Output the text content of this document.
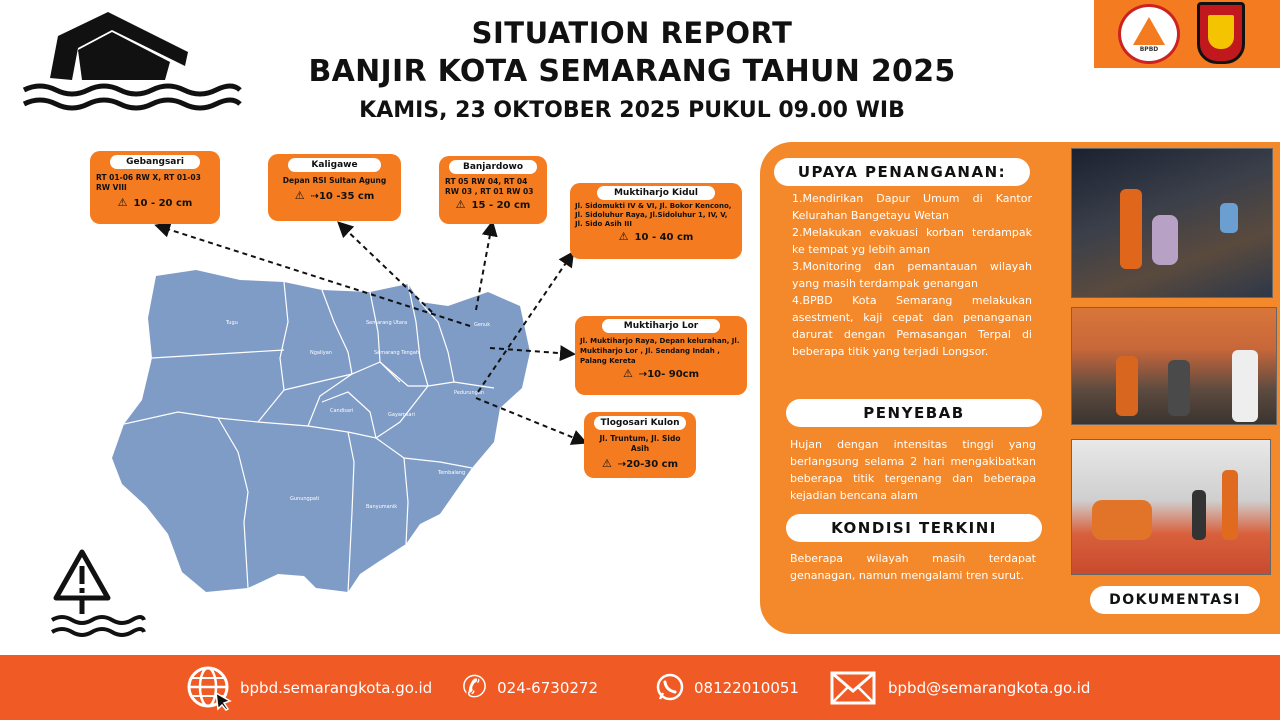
SITUATION REPORT
BANJIR KOTA SEMARANG TAHUN 2025
KAMIS, 23 OKTOBER 2025 PUKUL 09.00 WIB
BPBD
Tugu	Semarang Utara	Genuk
Ngaliyan	Semarang Tengah
Pedurungan
Candisari
Gayamsari
Tembalang
Gunungpati
Banyumanik
Gebangsari
RT 01-06 RW X, RT 01-03 RW VIII
⚠ 10 - 20 cm
Kaligawe
Depan RSI Sultan Agung
⚠ ⇢10 -35 cm
Banjardowo
RT 05 RW 04, RT 04 RW 03 , RT 01 RW 03
⚠ 15 - 20 cm
Muktiharjo Kidul
Jl. Sidomukti IV & VI, Jl. Bokor Kencono, Jl. Sidoluhur Raya, Jl.Sidoluhur 1, IV, V, Jl. Sido Asih III
⚠ 10 - 40 cm
Muktiharjo Lor
Jl. Muktiharjo Raya, Depan kelurahan, Jl. Muktiharjo Lor , Jl. Sendang Indah , Palang Kereta
⚠ ⇢10- 90cm
Tlogosari Kulon
Jl. Truntum, Jl. Sido Asih
⚠ ⇢20-30 cm
UPAYA PENANGANAN:
1.Mendirikan Dapur Umum di Kantor Kelurahan Bangetayu Wetan
2.Melakukan evakuasi korban terdampak ke tempat yg lebih aman
3.Monitoring dan pemantauan wilayah yang masih terdampak genangan
4.BPBD Kota Semarang melakukan asestment, kaji cepat dan penanganan darurat dengan Pemasangan Terpal di beberapa titik yang terjadi Longsor.
PENYEBAB
Hujan dengan intensitas tinggi yang berlangsung selama 2 hari mengakibatkan beberapa titik tergenang dan beberapa kejadian bencana alam
KONDISI TERKINI
Beberapa wilayah masih terdapat genanagan, namun mengalami tren surut.
DOKUMENTASI
bpbd.semarangkota.go.id ✆ 024-6730272	08122010051	bpbd@semarangkota.go.id
